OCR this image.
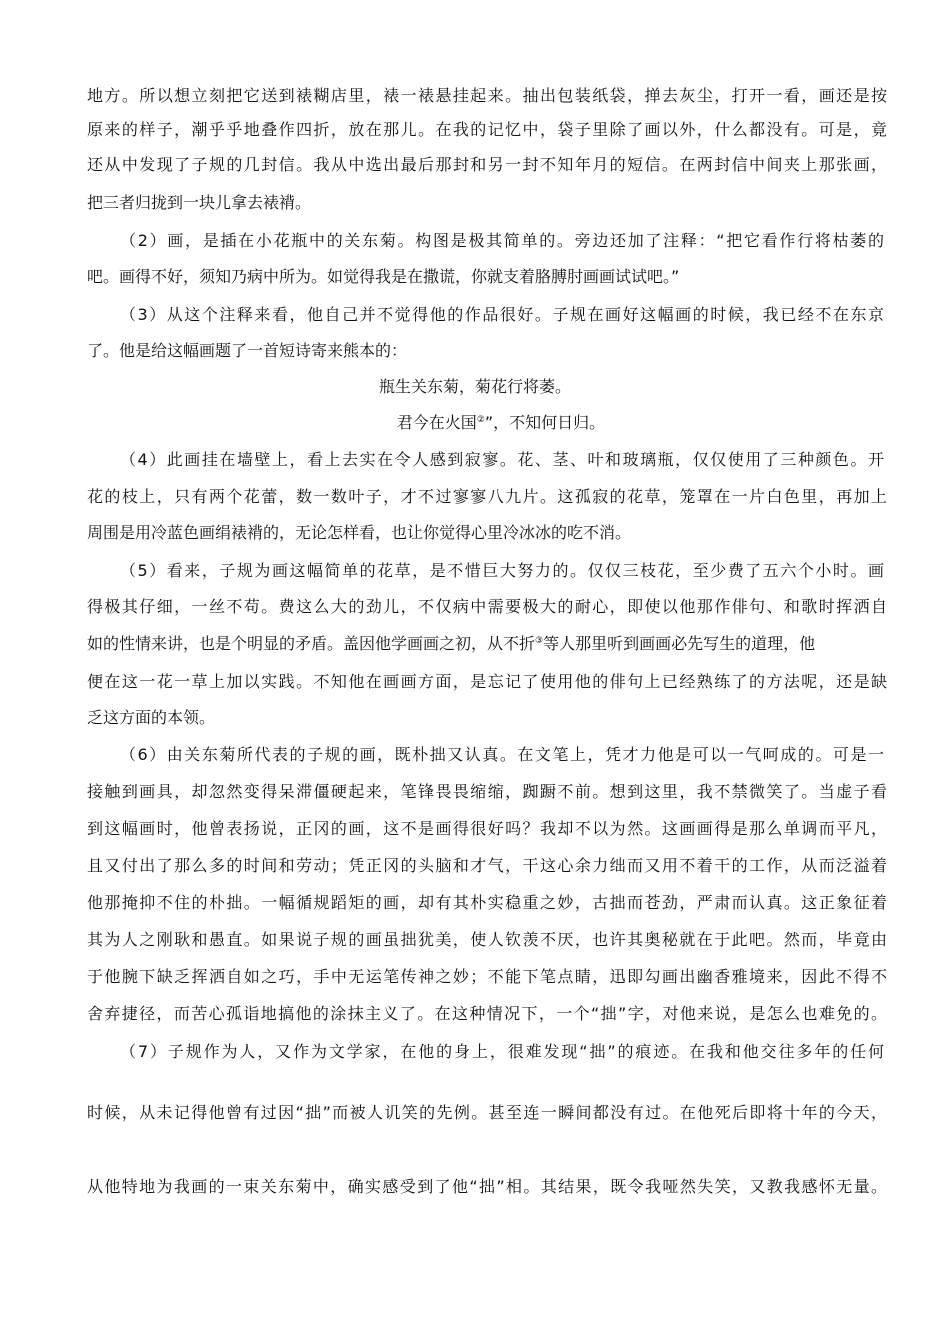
地方。所以想立刻把它送到裱糊店里，裱一裱悬挂起来。抽出包装纸袋，掸去灰尘，打开一看，画还是按
原来的样子，潮乎乎地叠作四折，放在那儿。在我的记忆中，袋子里除了画以外，什么都没有。可是，竟
还从中发现了子规的几封信。我从中选出最后那封和另一封不知年月的短信。在两封信中间夹上那张画，
把三者归拢到一块儿拿去裱褙。
（2）画，是插在小花瓶中的关东菊。构图是极其简单的。旁边还加了注释：“把它看作行将枯萎的
吧。画得不好，须知乃病中所为。如觉得我是在撒谎，你就支着胳膊肘画画试试吧。”
（3）从这个注释来看，他自己并不觉得他的作品很好。子规在画好这幅画的时候，我已经不在东京
了。他是给这幅画题了一首短诗寄来熊本的：
瓶生关东菊，菊花行将萎。
君今在火国②”，不知何日归。
（4）此画挂在墙壁上，看上去实在令人感到寂寥。花、茎、叶和玻璃瓶，仅仅使用了三种颜色。开
花的枝上，只有两个花蕾，数一数叶子，才不过寥寥八九片。这孤寂的花草，笼罩在一片白色里，再加上
周围是用冷蓝色画绢裱褙的，无论怎样看，也让你觉得心里冷冰冰的吃不消。
（5）看来，子规为画这幅简单的花草，是不惜巨大努力的。仅仅三枝花，至少费了五六个小时。画
得极其仔细，一丝不苟。费这么大的劲儿，不仅病中需要极大的耐心，即使以他那作俳句、和歌时挥洒自
如的性情来讲，也是个明显的矛盾。盖因他学画画之初，从不折③等人那里听到画画必先写生的道理，他
便在这一花一草上加以实践。不知他在画画方面，是忘记了使用他的俳句上已经熟练了的方法呢，还是缺
乏这方面的本领。
（6）由关东菊所代表的子规的画，既朴拙又认真。在文笔上，凭才力他是可以一气呵成的。可是一
接触到画具，却忽然变得呆滞僵硬起来，笔锋畏畏缩缩，踟蹰不前。想到这里，我不禁微笑了。当虚子看
到这幅画时，他曾表扬说，正冈的画，这不是画得很好吗？我却不以为然。这画画得是那么单调而平凡，
且又付出了那么多的时间和劳动；凭正冈的头脑和才气，干这心余力绌而又用不着干的工作，从而泛溢着
他那掩抑不住的朴拙。一幅循规蹈矩的画，却有其朴实稳重之妙，古拙而苍劲，严肃而认真。这正象征着
其为人之刚耿和愚直。如果说子规的画虽拙犹美，使人钦羡不厌，也许其奥秘就在于此吧。然而，毕竟由
于他腕下缺乏挥洒自如之巧，手中无运笔传神之妙；不能下笔点睛，迅即勾画出幽香雅境来，因此不得不
舍弃捷径，而苦心孤诣地搞他的涂抹主义了。在这种情况下，一个“拙”字，对他来说，是怎么也难免的。
（7）子规作为人，又作为文学家，在他的身上，很难发现“拙”的痕迹。在我和他交往多年的任何
时候，从未记得他曾有过因“拙”而被人讥笑的先例。甚至连一瞬间都没有过。在他死后即将十年的今天，
从他特地为我画的一束关东菊中，确实感受到了他“拙”相。其结果，既令我哑然失笑，又教我感怀无量。
